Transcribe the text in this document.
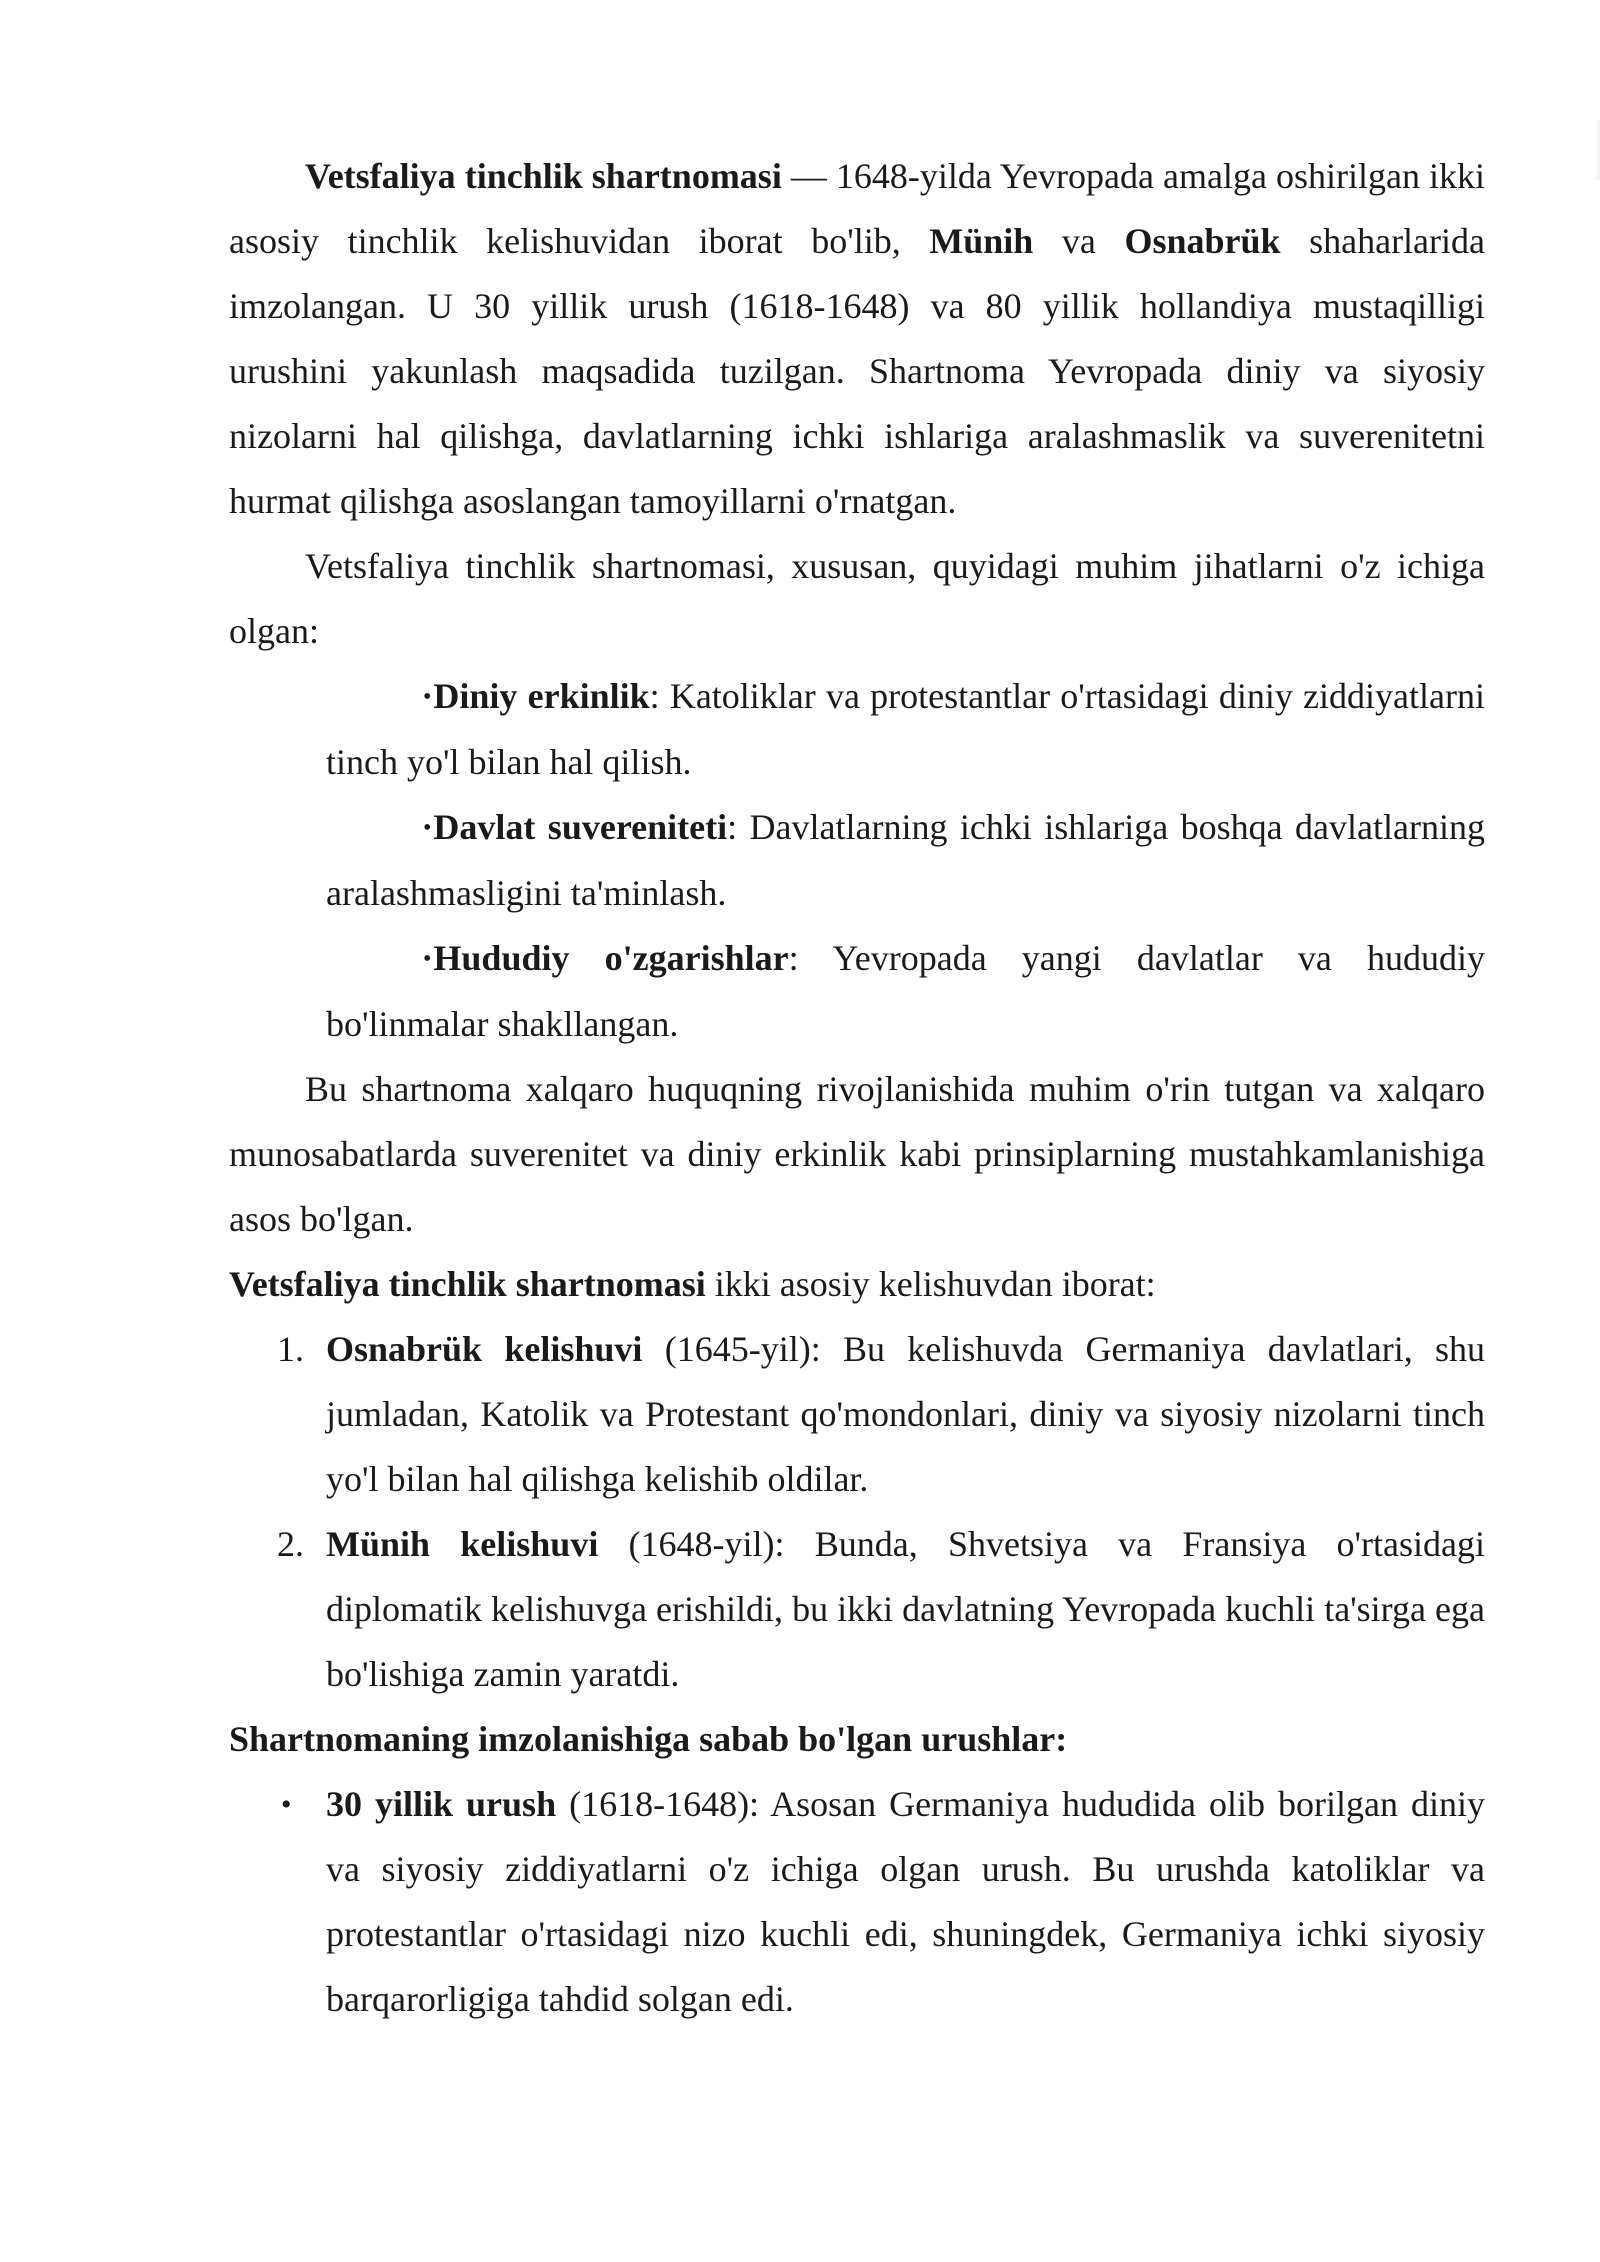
Vetsfaliya tinchlik shartnomasi — 1648-yilda Yevropada amalga oshirilgan ikki asosiy tinchlik kelishuvidan iborat bo'lib, Münih va Osnabrük shaharlarida imzolangan. U 30 yillik urush (1618-1648) va 80 yillik hollandiya mustaqilligi urushini yakunlash maqsadida tuzilgan. Shartnoma Yevropada diniy va siyosiy nizolarni hal qilishga, davlatlarning ichki ishlariga aralashmaslik va suverenitetni hurmat qilishga asoslangan tamoyillarni o'rnatgan.

Vetsfaliya tinchlik shartnomasi, xususan, quyidagi muhim jihatlarni o'z ichiga olgan:

•Diniy erkinlik: Katoliklar va protestantlar o'rtasidagi diniy ziddiyatlarni tinch yo'l bilan hal qilish.

•Davlat suvereniteti: Davlatlarning ichki ishlariga boshqa davlatlarning aralashmasligini ta'minlash.

•Hududiy o'zgarishlar: Yevropada yangi davlatlar va hududiy bo'linmalar shakllangan.

Bu shartnoma xalqaro huquqning rivojlanishida muhim o'rin tutgan va xalqaro munosabatlarda suverenitet va diniy erkinlik kabi prinsiplarning mustahkamlanishiga asos bo'lgan.

Vetsfaliya tinchlik shartnomasi ikki asosiy kelishuvdan iborat:

1. Osnabrük kelishuvi (1645-yil): Bu kelishuvda Germaniya davlatlari, shu jumladan, Katolik va Protestant qo'mondonlari, diniy va siyosiy nizolarni tinch yo'l bilan hal qilishga kelishib oldilar.
2. Münih kelishuvi (1648-yil): Bunda, Shvetsiya va Fransiya o'rtasidagi diplomatik kelishuvga erishildi, bu ikki davlatning Yevropada kuchli ta'sirga ega bo'lishiga zamin yaratdi.

Shartnomaning imzolanishiga sabab bo'lgan urushlar:

• 30 yillik urush (1618-1648): Asosan Germaniya hududida olib borilgan diniy va siyosiy ziddiyatlarni o'z ichiga olgan urush. Bu urushda katoliklar va protestantlar o'rtasidagi nizo kuchli edi, shuningdek, Germaniya ichki siyosiy barqarorligiga tahdid solgan edi.
